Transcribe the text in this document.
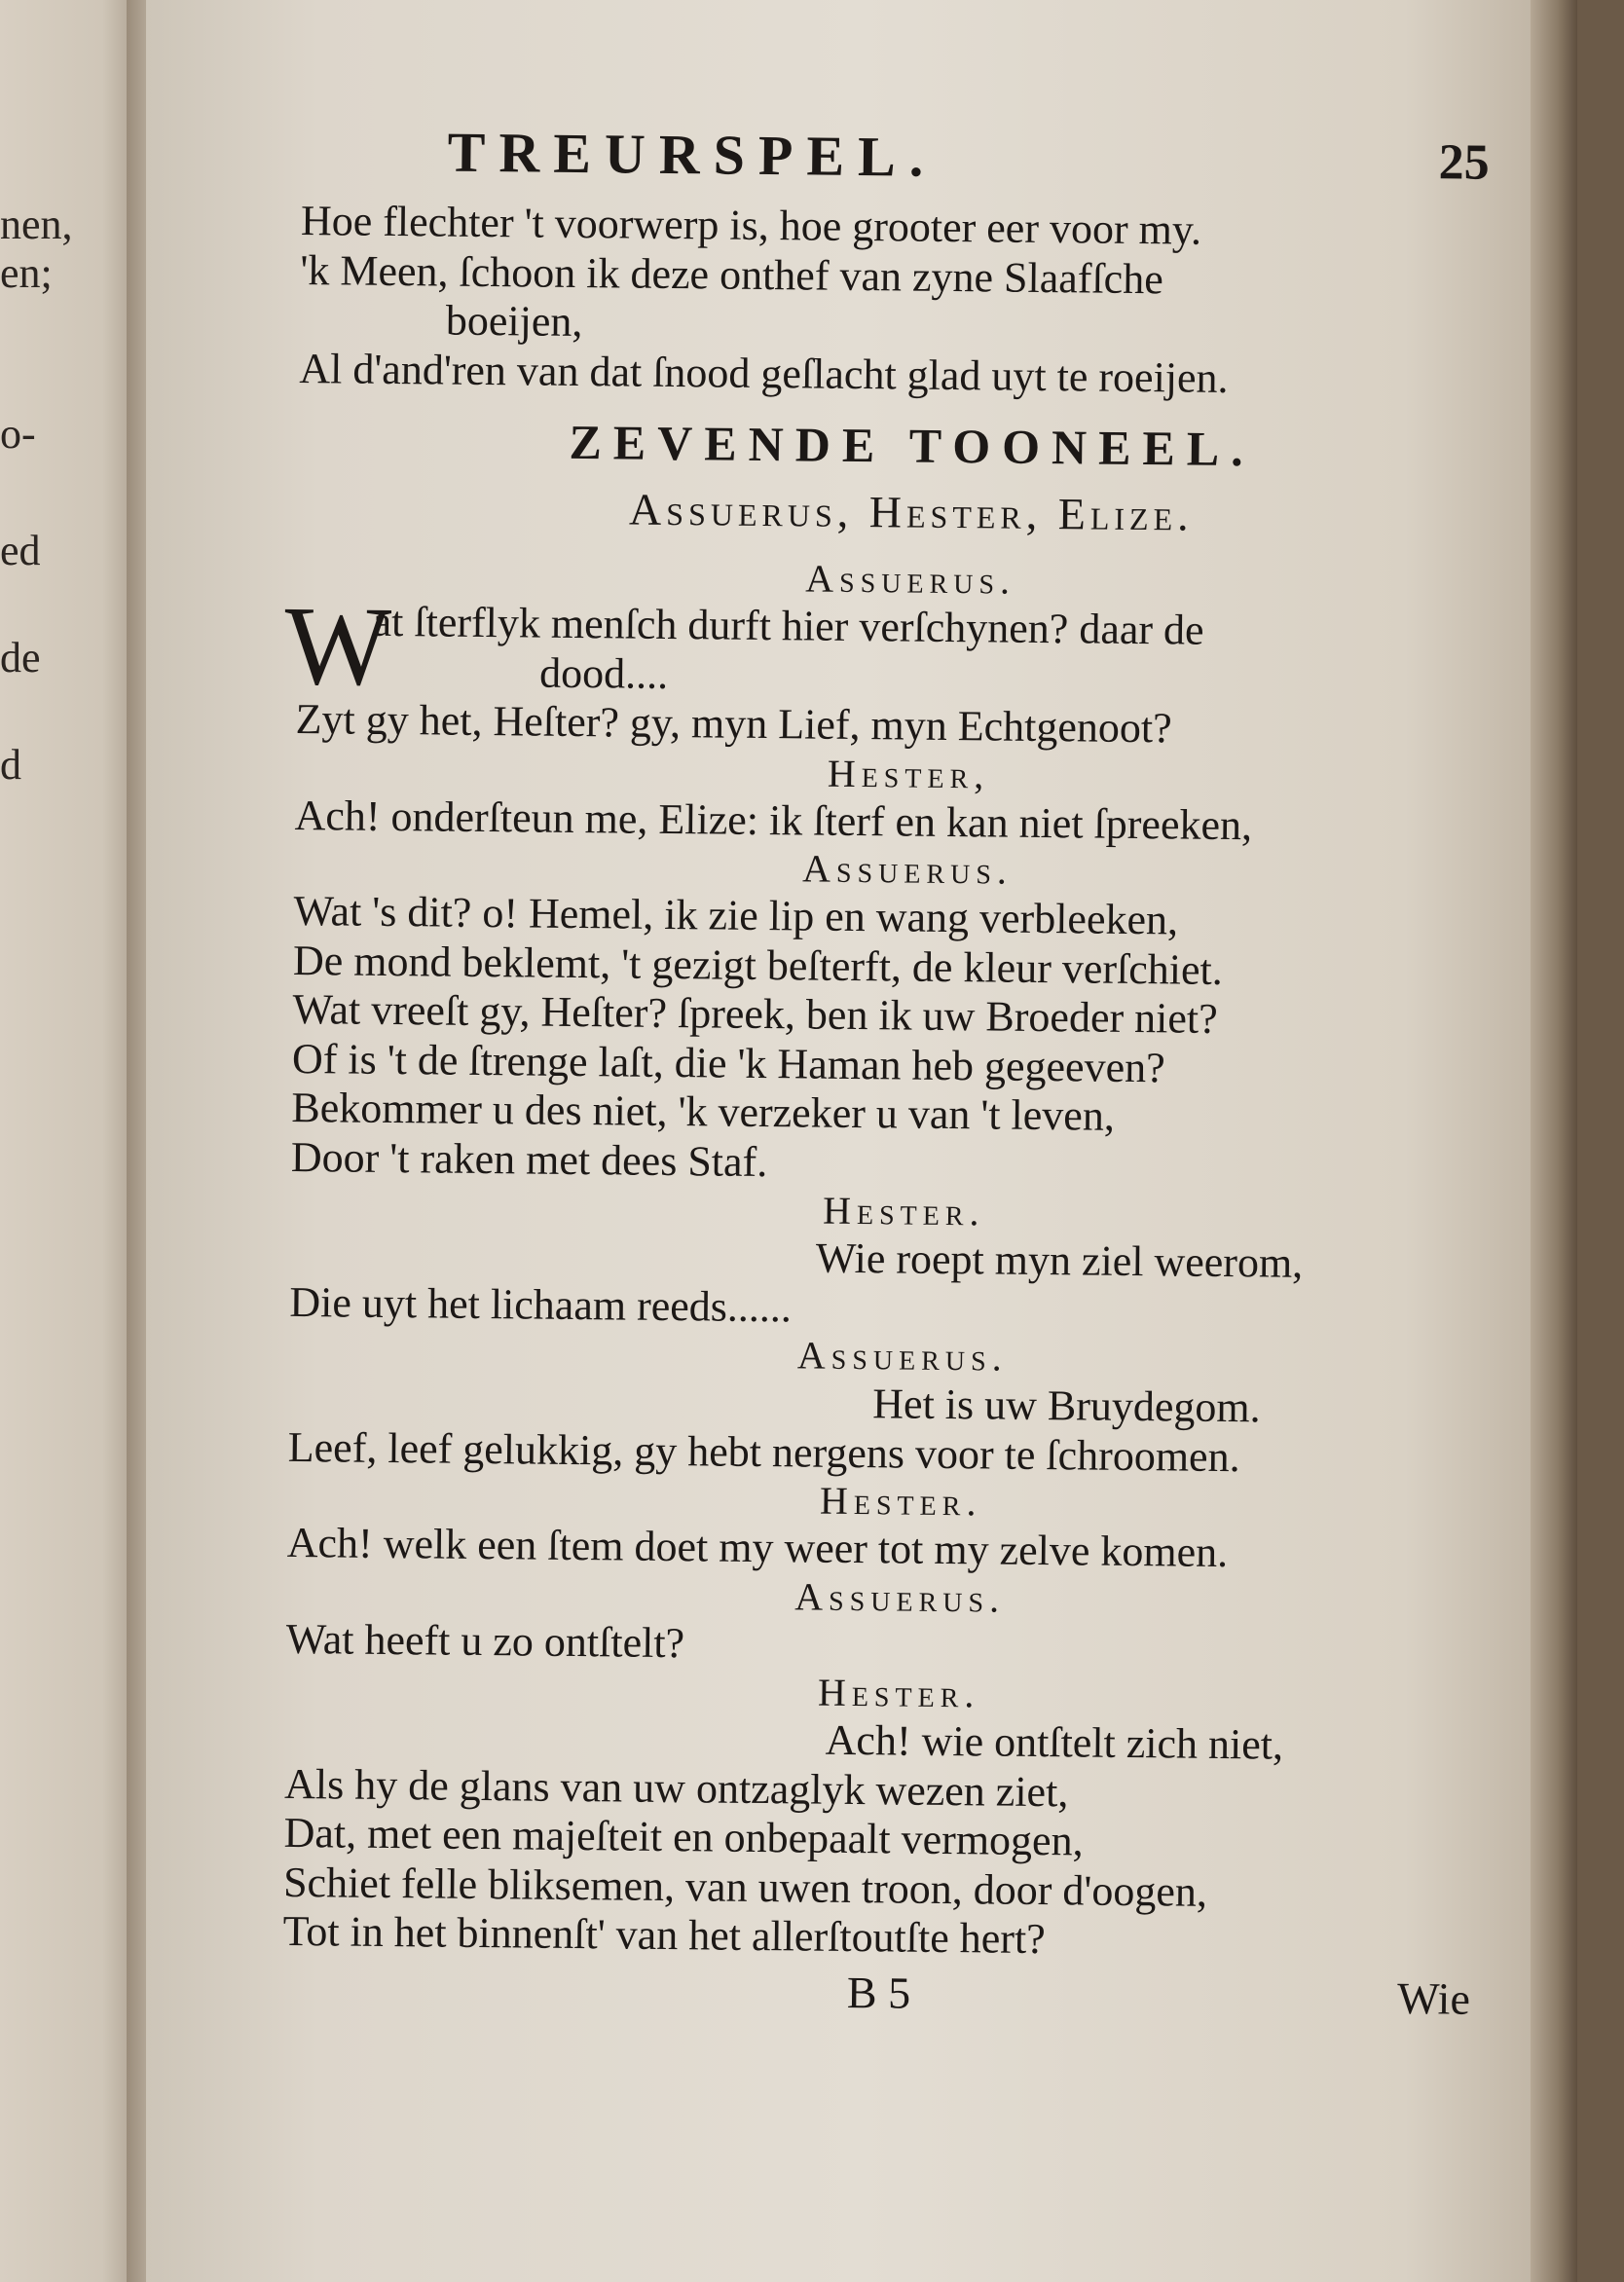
nen,
en;
o-
ed
de
d
TREURSPEL.	25
Hoe flechter 't voorwerp is, hoe grooter eer voor my.
'k Meen, ſchoon ik deze onthef van zyne Slaafſche
boeijen,
Al d'and'ren van dat ſnood geſlacht glad uyt te roeijen.
ZEVENDE TOONEEL.
Assuerus, Hester, Elize.
Assuerus.
W
at ſterflyk menſch durft hier verſchynen? daar de
dood....
Zyt gy het, Heſter? gy, myn Lief, myn Echtgenoot?
Hester,
Ach! onderſteun me, Elize: ik ſterf en kan niet ſpreeken,
Assuerus.
Wat 's dit? o! Hemel, ik zie lip en wang verbleeken,
De mond beklemt, 't gezigt beſterft, de kleur verſchiet.
Wat vreeſt gy, Heſter? ſpreek, ben ik uw Broeder niet?
Of is 't de ſtrenge laſt, die 'k Haman heb gegeeven?
Bekommer u des niet, 'k verzeker u van 't leven,
Door 't raken met dees Staf.
Hester.
Wie roept myn ziel weerom,
Die uyt het lichaam reeds......
Assuerus.
Het is uw Bruydegom.
Leef, leef gelukkig, gy hebt nergens voor te ſchroomen.
Hester.
Ach! welk een ſtem doet my weer tot my zelve komen.
Assuerus.
Wat heeft u zo ontſtelt?
Hester.
Ach! wie ontſtelt zich niet,
Als hy de glans van uw ontzaglyk wezen ziet,
Dat, met een majeſteit en onbepaalt vermogen,
Schiet felle bliksemen, van uwen troon, door d'oogen,
Tot in het binnenſt' van het allerſtoutſte hert?
B 5	Wie
